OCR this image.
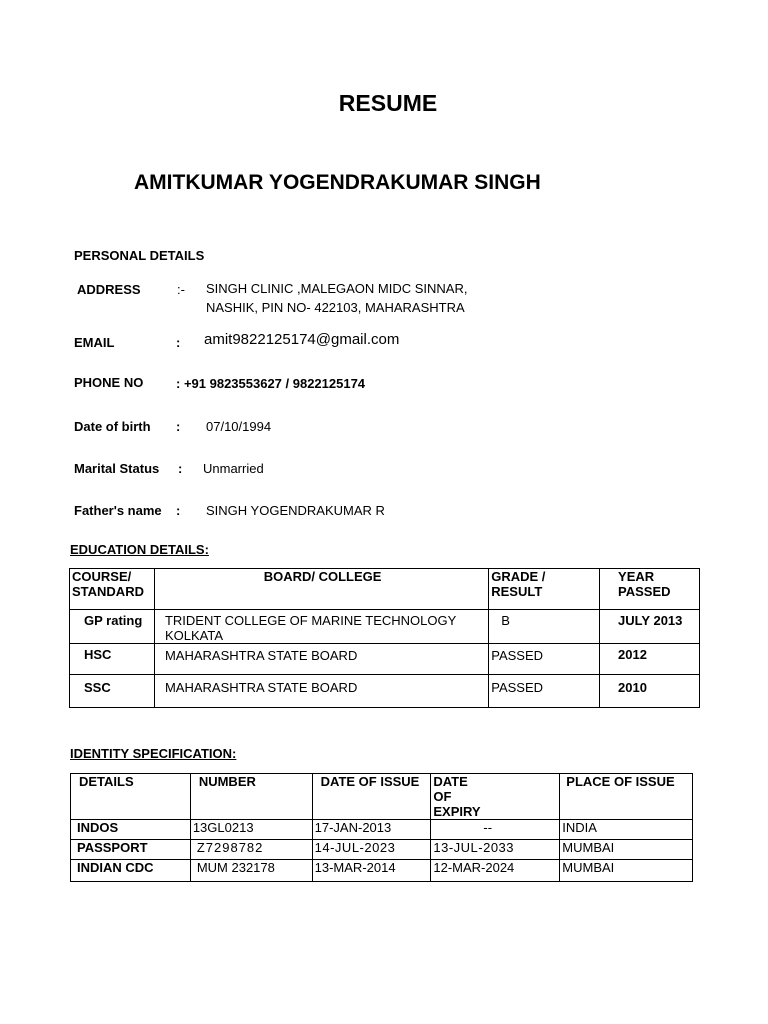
RESUME
AMITKUMAR YOGENDRAKUMAR SINGH
PERSONAL DETAILS
ADDRESS	:- SINGH CLINIC ,MALEGAON MIDC SINNAR,
NASHIK, PIN NO- 422103, MAHARASHTRA
EMAIL	: amit9822125174@gmail.com
PHONE NO	: +91 9823553627 / 9822125174
Date of birth : 07/10/1994
Marital Status : Unmarried
Father's name : SINGH YOGENDRAKUMAR R
EDUCATION DETAILS:
COURSE/ STANDARD	BOARD/ COLLEGE	GRADE / RESULT	YEAR PASSED
GP rating	TRIDENT COLLEGE OF MARINE TECHNOLOGY KOLKATA	B	JULY 2013
HSC	MAHARASHTRA STATE BOARD	PASSED	2012
SSC	MAHARASHTRA STATE BOARD	PASSED	2010
IDENTITY SPECIFICATION:
DETAILS	NUMBER	DATE OF ISSUE	DATE OF EXPIRY	PLACE OF ISSUE
INDOS	13GL0213	17-JAN-2013	--	INDIA
PASSPORT	Z7298782	14-JUL-2023	13-JUL-2033	MUMBAI
INDIAN CDC	MUM 232178	13-MAR-2014	12-MAR-2024	MUMBAI
